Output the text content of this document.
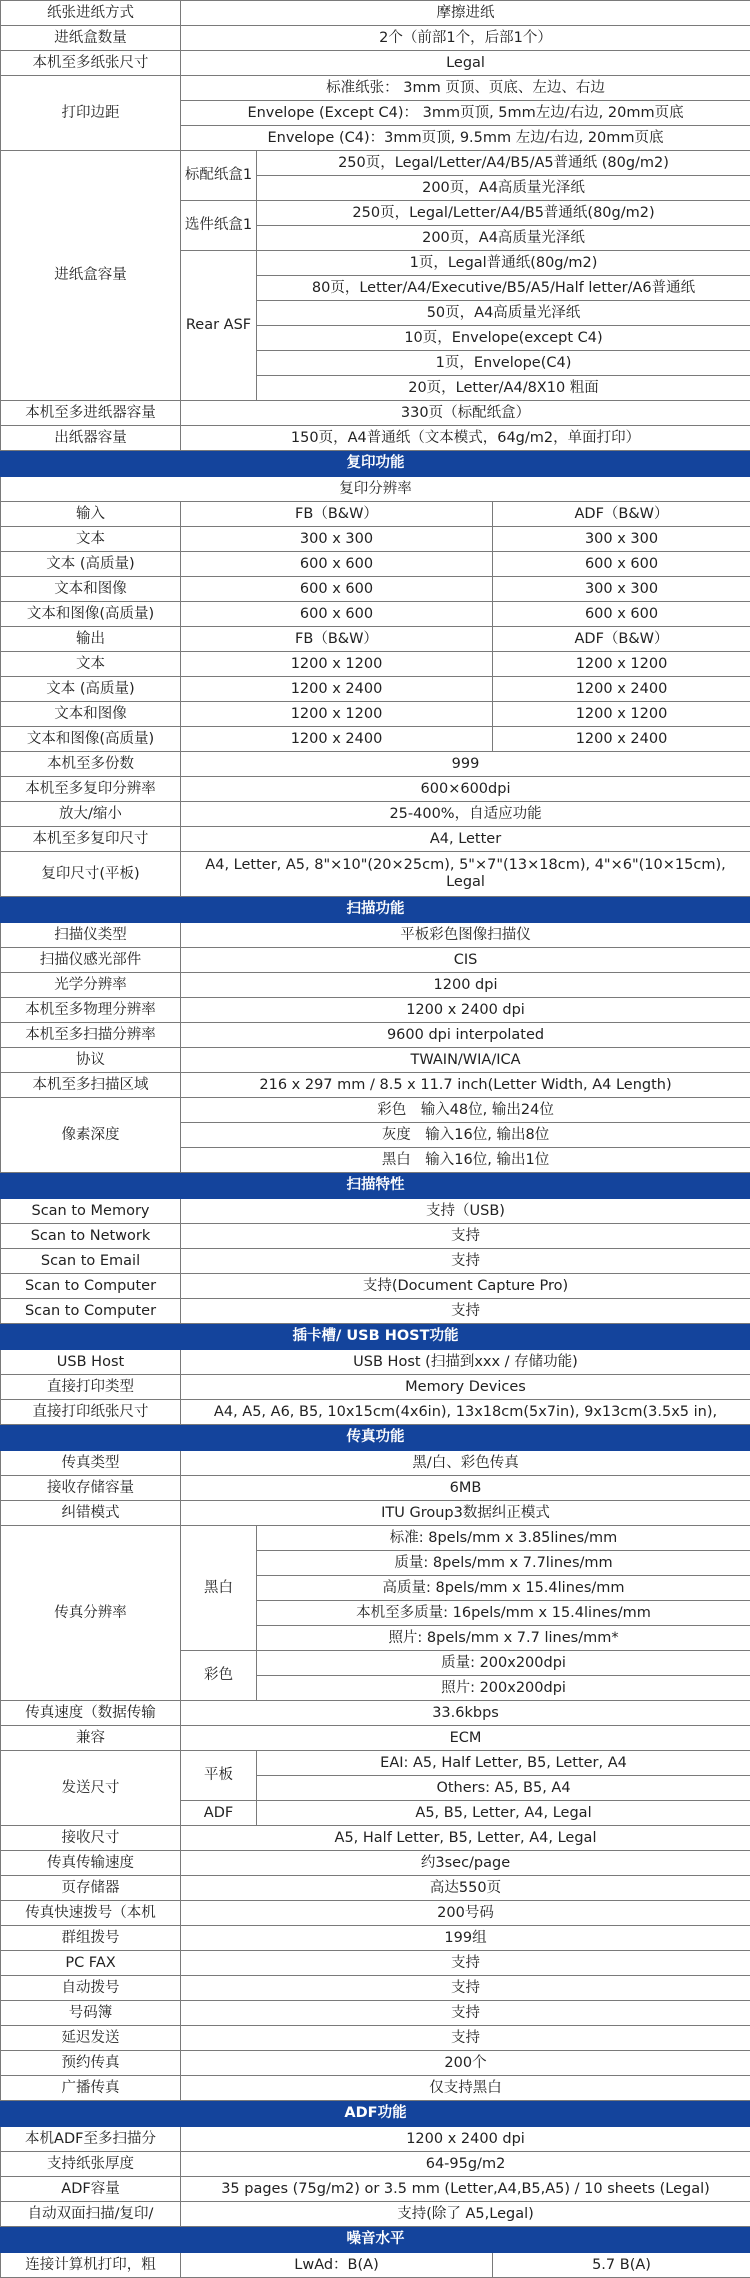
纸张进纸方式	摩擦进纸		
进纸盒数量	2个（前部1个，后部1个）		
本机至多纸张尺寸	Legal		
打印边距	标准纸张： 3mm 页顶、页底、左边、右边		
	Envelope (Except C4)： 3mm页顶, 5mm左边/右边, 20mm页底		
	Envelope (C4)：3mm页顶, 9.5mm 左边/右边, 20mm页底		
进纸盒容量	标配纸盒1	250页，Legal/Letter/A4/B5/A5普通纸 (80g/m2)	
		200页，A4高质量光泽纸	
	选件纸盒1	250页，Legal/Letter/A4/B5普通纸(80g/m2)	
		200页，A4高质量光泽纸	
	Rear ASF	1页，Legal普通纸(80g/m2)	
		80页，Letter/A4/Executive/B5/A5/Half letter/A6普通纸	
		50页，A4高质量光泽纸	
		10页，Envelope(except C4)	
		1页，Envelope(C4)	
		20页，Letter/A4/8X10 粗面	
本机至多进纸器容量	330页（标配纸盒）		
出纸器容量	150页，A4普通纸（文本模式，64g/m2，单面打印）		
复印功能			
复印分辨率			
输入	FB（B&W）		ADF（B&W）
文本	300 x 300		300 x 300
文本 (高质量)	600 x 600		600 x 600
文本和图像	600 x 600		300 x 300
文本和图像(高质量)	600 x 600		600 x 600
输出	FB（B&W）		ADF（B&W）
文本	1200 x 1200		1200 x 1200
文本 (高质量)	1200 x 2400		1200 x 2400
文本和图像	1200 x 1200		1200 x 1200
文本和图像(高质量)	1200 x 2400		1200 x 2400
本机至多份数	999		
本机至多复印分辨率	600×600dpi		
放大/缩小	25-400%，自适应功能		
本机至多复印尺寸	A4, Letter		
复印尺寸(平板)	A4, Letter, A5, 8"×10"(20×25cm), 5"×7"(13×18cm), 4"×6"(10×15cm), Legal		
扫描功能			
扫描仪类型	平板彩色图像扫描仪		
扫描仪感光部件	CIS		
光学分辨率	1200 dpi		
本机至多物理分辨率	1200 x 2400 dpi		
本机至多扫描分辨率	9600 dpi interpolated		
协议	TWAIN/WIA/ICA		
本机至多扫描区域	216 x 297 mm / 8.5 x 11.7 inch(Letter Width, A4 Length)		
像素深度	彩色　输入48位, 输出24位		
	灰度　输入16位, 输出8位		
	黑白　输入16位, 输出1位		
扫描特性			
Scan to Memory	支持（USB)		
Scan to Network	支持		
Scan to Email	支持		
Scan to Computer	支持(Document Capture Pro)		
Scan to Computer	支持		
插卡槽/ USB HOST功能			
USB Host	USB Host (扫描到xxx / 存储功能)		
直接打印类型	Memory Devices		
直接打印纸张尺寸	A4, A5, A6, B5, 10x15cm(4x6in), 13x18cm(5x7in), 9x13cm(3.5x5 in),		
传真功能			
传真类型	黑/白、彩色传真		
接收存储容量	6MB		
纠错模式	ITU Group3数据纠正模式		
传真分辨率	黑白	标准: 8pels/mm x 3.85lines/mm	
		质量: 8pels/mm x 7.7lines/mm	
		高质量: 8pels/mm x 15.4lines/mm	
		本机至多质量: 16pels/mm x 15.4lines/mm	
		照片: 8pels/mm x 7.7 lines/mm*	
	彩色	质量: 200x200dpi	
		照片: 200x200dpi	
传真速度（数据传输	33.6kbps		
兼容	ECM		
发送尺寸	平板	EAI: A5, Half Letter, B5, Letter, A4	
		Others: A5, B5, A4	
	ADF	A5, B5, Letter, A4, Legal	
接收尺寸	A5, Half Letter, B5, Letter, A4, Legal		
传真传输速度	约3sec/page		
页存储器	高达550页		
传真快速拨号（本机	200号码		
群组拨号	199组		
PC FAX	支持		
自动拨号	支持		
号码簿	支持		
延迟发送	支持		
预约传真	200个		
广播传真	仅支持黑白		
ADF功能			
本机ADF至多扫描分	1200 x 2400 dpi		
支持纸张厚度	64-95g/m2		
ADF容量	35 pages (75g/m2) or 3.5 mm (Letter,A4,B5,A5) / 10 sheets (Legal)		
自动双面扫描/复印/	支持(除了 A5,Legal)		
噪音水平			
连接计算机打印，粗	LwAd：B(A)		5.7 B(A)
